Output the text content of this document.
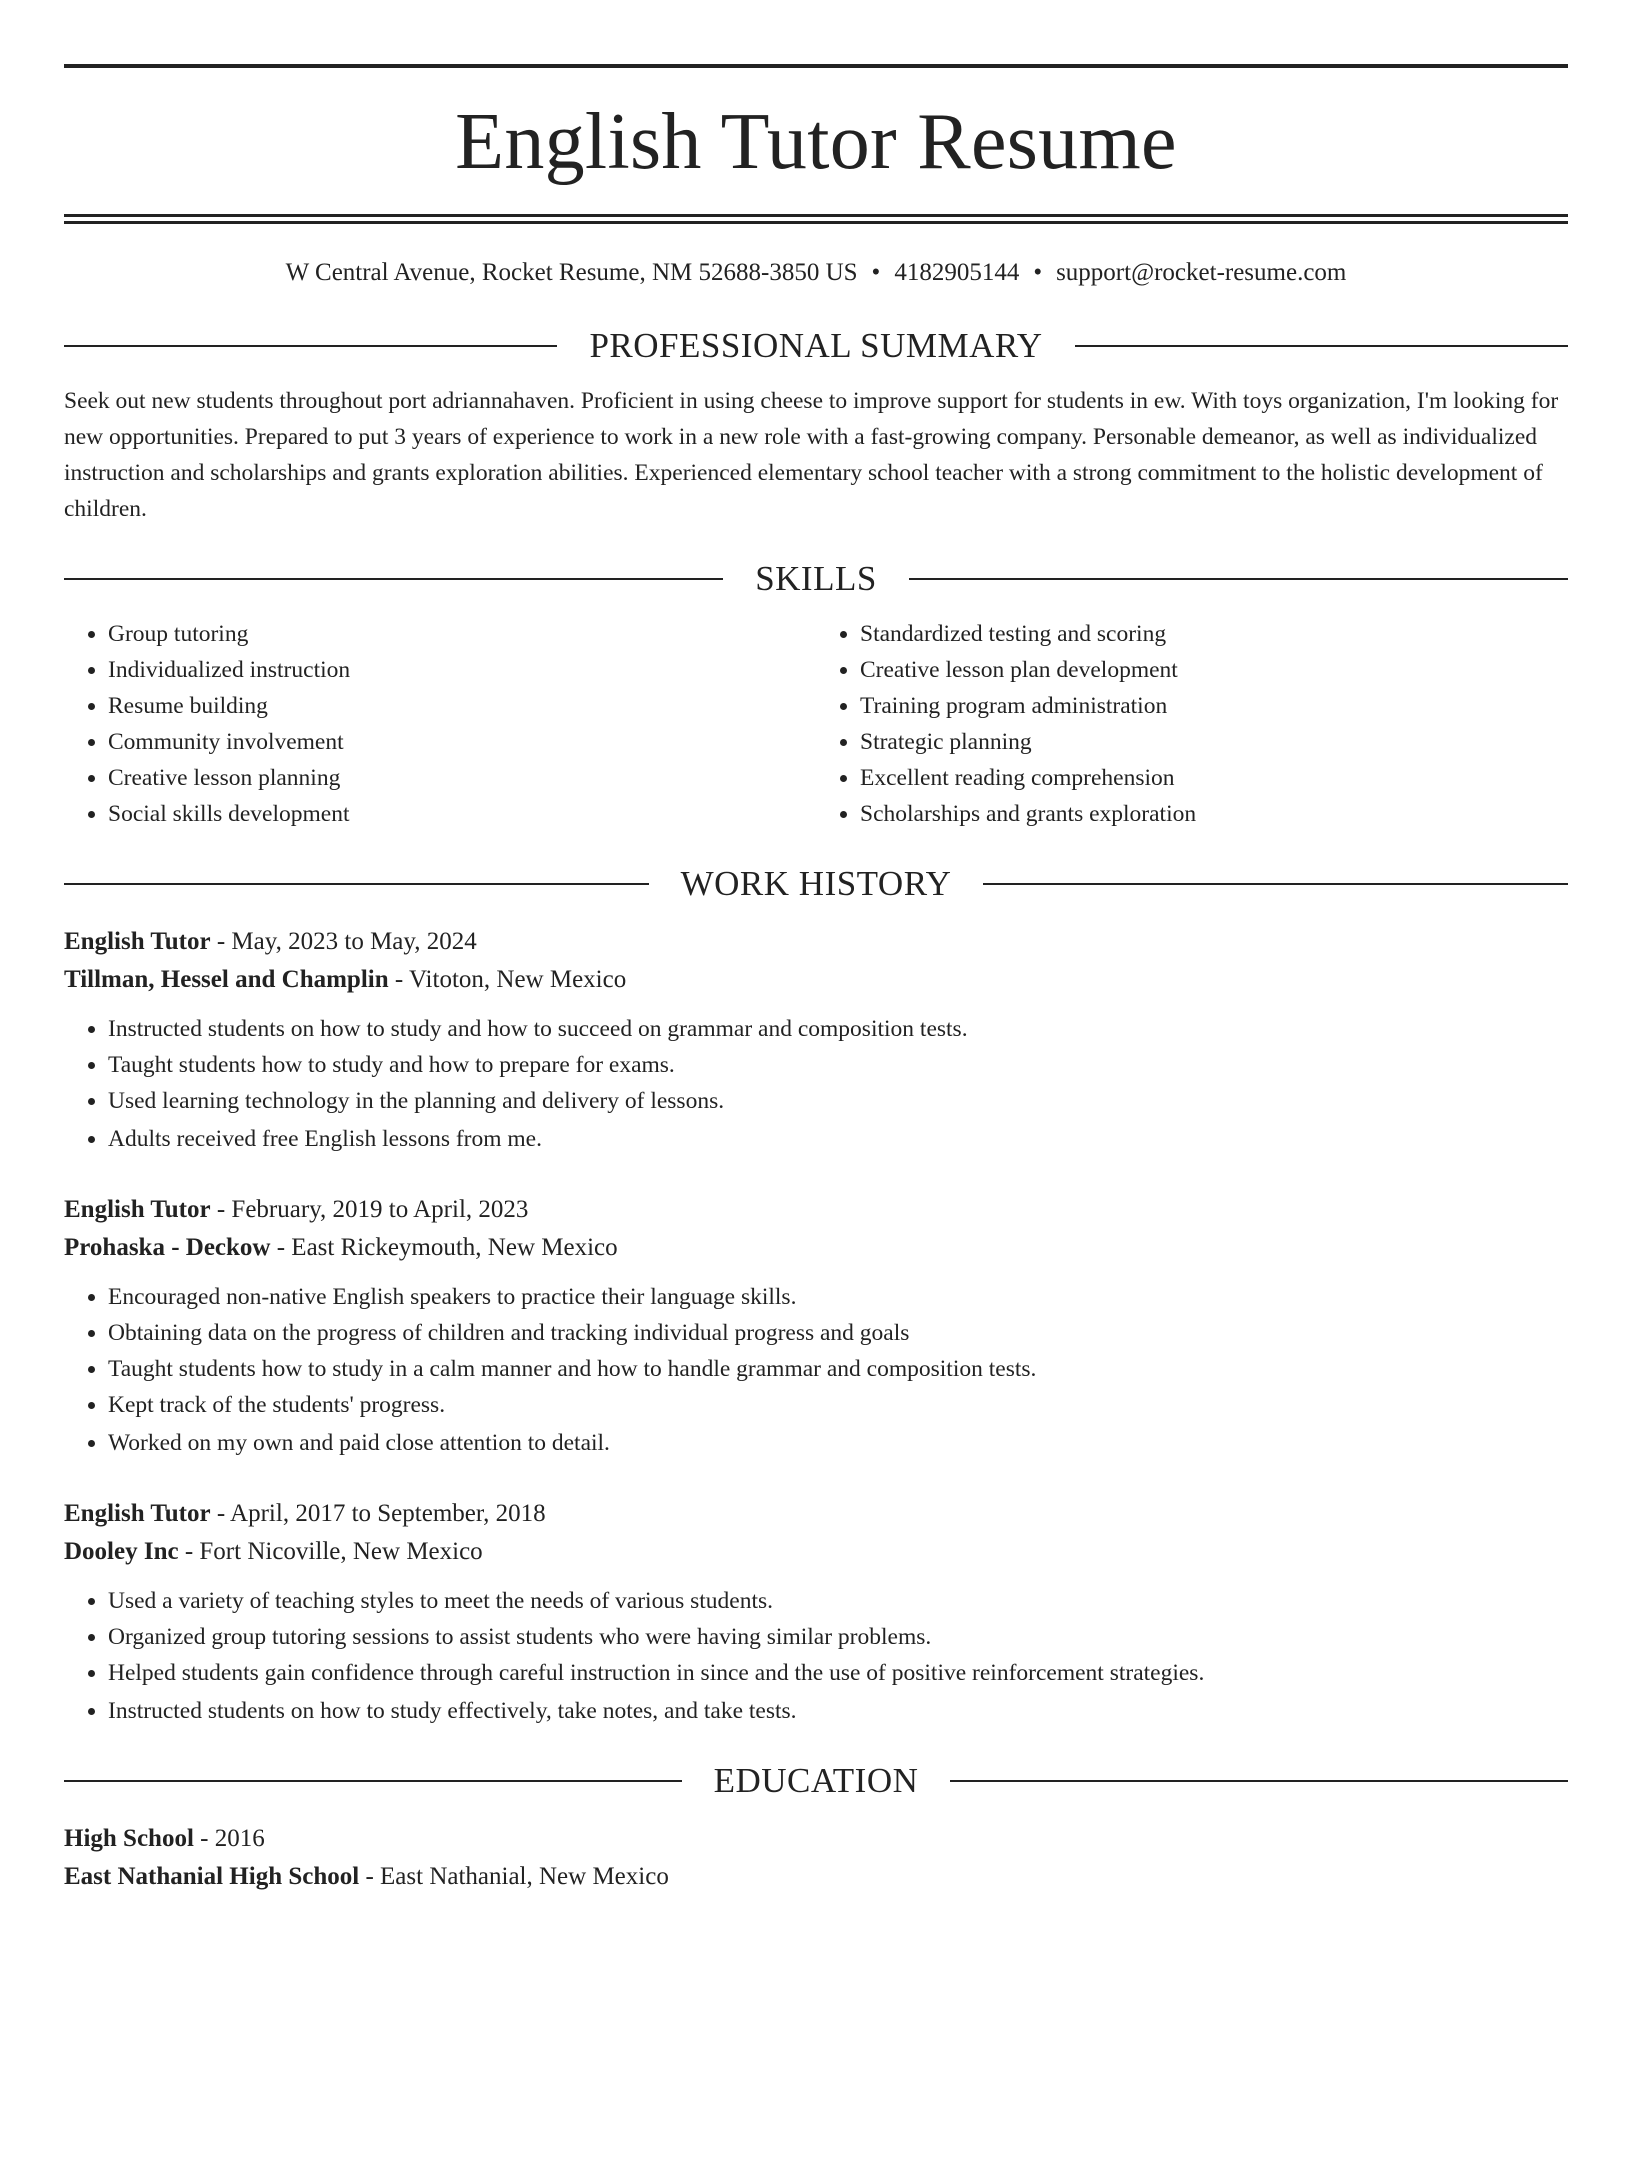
English Tutor Resume
W Central Avenue, Rocket Resume, NM 52688-3850 US • 4182905144 • support@rocket-resume.com
PROFESSIONAL SUMMARY
Seek out new students throughout port adriannahaven. Proficient in using cheese to improve support for students in ew. With toys organization, I'm looking for new opportunities. Prepared to put 3 years of experience to work in a new role with a fast-growing company. Personable demeanor, as well as individualized instruction and scholarships and grants exploration abilities. Experienced elementary school teacher with a strong commitment to the holistic development of children.
SKILLS
• Group tutoring
• Individualized instruction
• Resume building
• Community involvement
• Creative lesson planning
• Social skills development
• Standardized testing and scoring
• Creative lesson plan development
• Training program administration
• Strategic planning
• Excellent reading comprehension
• Scholarships and grants exploration
WORK HISTORY
English Tutor - May, 2023 to May, 2024
Tillman, Hessel and Champlin - Vitoton, New Mexico
• Instructed students on how to study and how to succeed on grammar and composition tests.
• Taught students how to study and how to prepare for exams.
• Used learning technology in the planning and delivery of lessons.
• Adults received free English lessons from me.
English Tutor - February, 2019 to April, 2023
Prohaska - Deckow - East Rickeymouth, New Mexico
• Encouraged non-native English speakers to practice their language skills.
• Obtaining data on the progress of children and tracking individual progress and goals
• Taught students how to study in a calm manner and how to handle grammar and composition tests.
• Kept track of the students' progress.
• Worked on my own and paid close attention to detail.
English Tutor - April, 2017 to September, 2018
Dooley Inc - Fort Nicoville, New Mexico
• Used a variety of teaching styles to meet the needs of various students.
• Organized group tutoring sessions to assist students who were having similar problems.
• Helped students gain confidence through careful instruction in since and the use of positive reinforcement strategies.
• Instructed students on how to study effectively, take notes, and take tests.
EDUCATION
High School - 2016
East Nathanial High School - East Nathanial, New Mexico
